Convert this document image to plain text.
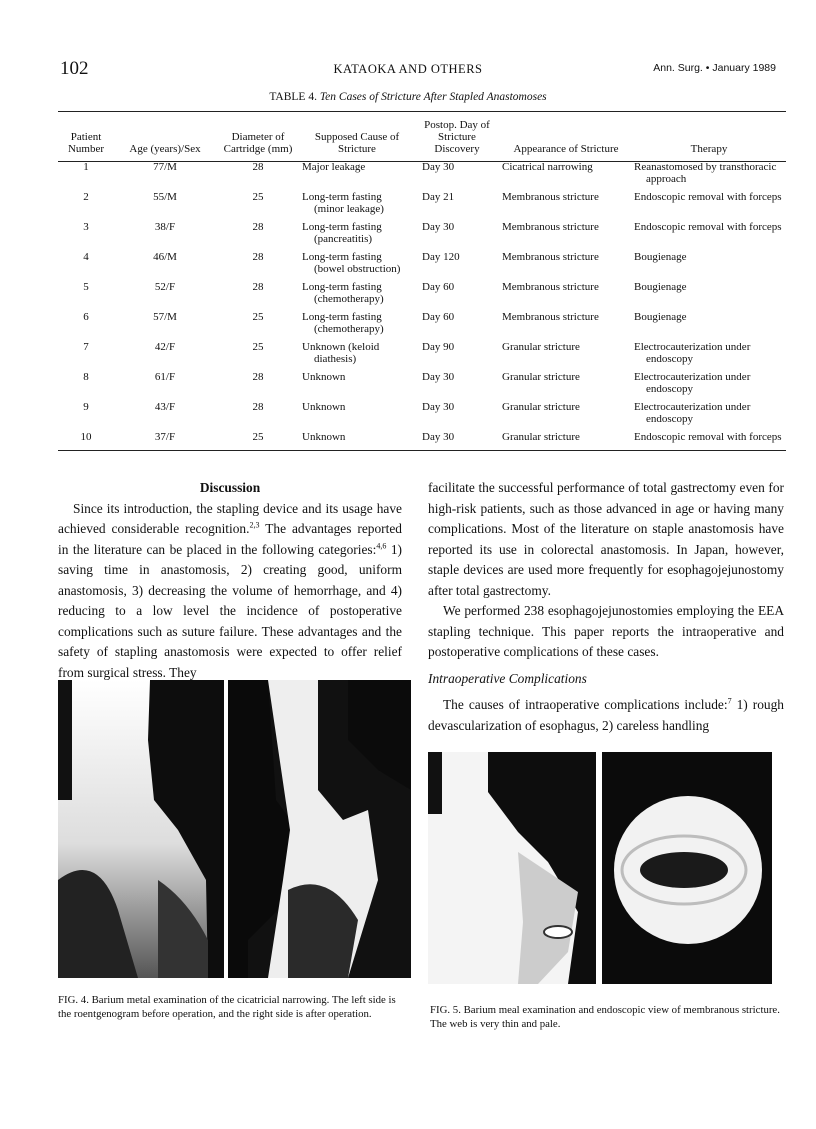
102	KATAOKA AND OTHERS	Ann. Surg. • January 1989
TABLE 4. Ten Cases of Stricture After Stapled Anastomoses
Patient Number	Age (years)/Sex	Diameter of Cartridge (mm)	Supposed Cause of Stricture	Postop. Day of Stricture Discovery	Appearance of Stricture	Therapy
1	77/M	28	Major leakage	Day 30	Cicatrical narrowing	Reanastomosed by transthoracic approach

2	55/M	25	Long-term fasting (minor leakage)	Day 21	Membranous stricture	Endoscopic removal with forceps

3	38/F	28	Long-term fasting (pancreatitis)	Day 30	Membranous stricture	Endoscopic removal with forceps

4	46/M	28	Long-term fasting (bowel obstruction)	Day 120	Membranous stricture	Bougienage

5	52/F	28	Long-term fasting (chemotherapy)	Day 60	Membranous stricture	Bougienage

6	57/M	25	Long-term fasting (chemotherapy)	Day 60	Membranous stricture	Bougienage

7	42/F	25	Unknown (keloid diathesis)	Day 90	Granular stricture	Electrocauterization under endoscopy

8	61/F	28	Unknown	Day 30	Granular stricture	Electrocauterization under endoscopy

9	43/F	28	Unknown	Day 30	Granular stricture	Electrocauterization under endoscopy

10	37/F	25	Unknown	Day 30	Granular stricture	Endoscopic removal with forceps
Discussion
Since its introduction, the stapling device and its usage have achieved considerable recognition.$^{2,3}$ The advantages reported in the literature can be placed in the following categories:$^{4,6}$ 1) saving time in anastomosis, 2) creating good, uniform anastomosis, 3) decreasing the volume of hemorrhage, and 4) reducing to a low level the incidence of postoperative complications such as suture failure. These advantages and the safety of stapling anastomosis were expected to offer relief from surgical stress. They
facilitate the successful performance of total gastrectomy even for high-risk patients, such as those advanced in age or having many complications. Most of the literature on staple anastomosis have reported its use in colorectal anastomosis. In Japan, however, staple devices are used more frequently for esophagojejunostomy after total gastrectomy.
We performed 238 esophagojejunostomies employing the EEA stapling technique. This paper reports the intraoperative and postoperative complications of these cases.
Intraoperative Complications
The causes of intraoperative complications include:$^7$ 1) rough devascularization of esophagus, 2) careless handling
FIG. 4. Barium metal examination of the cicatricial narrowing. The left side is the roentgenogram before operation, and the right side is after operation.	FIG. 5. Barium meal examination and endoscopic view of membranous stricture. The web is very thin and pale.
